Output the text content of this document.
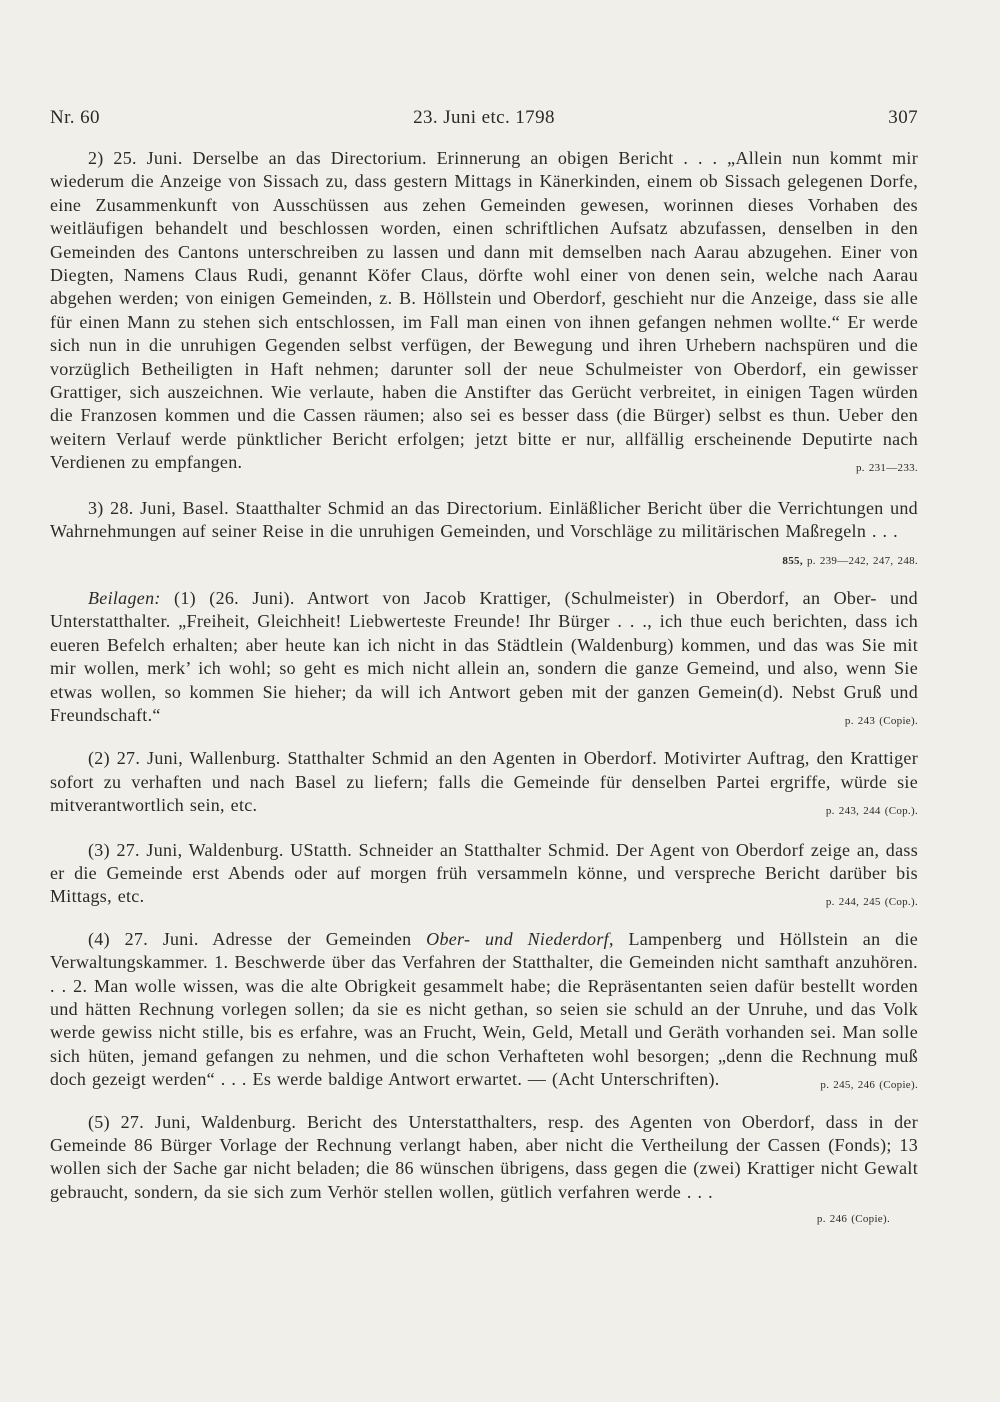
Nr. 60	23. Juni etc. 1798	307

2) 25. Juni. Derselbe an das Directorium. Erinnerung an obigen Bericht . . . „Allein nun kommt mir wiederum die Anzeige von Sissach zu, dass gestern Mittags in Känerkinden, einem ob Sissach gelegenen Dorfe, eine Zusammenkunft von Ausschüssen aus zehen Gemeinden gewesen, worinnen dieses Vorhaben des weitläufigen behandelt und beschlossen worden, einen schriftlichen Aufsatz abzufassen, denselben in den Gemeinden des Cantons unterschreiben zu lassen und dann mit demselben nach Aarau abzugehen. Einer von Diegten, Namens Claus Rudi, genannt Köfer Claus, dörfte wohl einer von denen sein, welche nach Aarau abgehen werden; von einigen Gemeinden, z. B. Höllstein und Oberdorf, geschieht nur die Anzeige, dass sie alle für einen Mann zu stehen sich entschlossen, im Fall man einen von ihnen gefangen nehmen wollte.“ Er werde sich nun in die unruhigen Gegenden selbst verfügen, der Bewegung und ihren Urhebern nachspüren und die vorzüglich Betheiligten in Haft nehmen; darunter soll der neue Schulmeister von Oberdorf, ein gewisser Grattiger, sich auszeichnen. Wie verlaute, haben die Anstifter das Gerücht verbreitet, in einigen Tagen würden die Franzosen kommen und die Cassen räumen; also sei es besser dass (die Bürger) selbst es thun. Ueber den weitern Verlauf werde pünktlicher Bericht erfolgen; jetzt bitte er nur, allfällig erscheinende Deputirte nach Verdienen zu empfangen.	p. 231—233.

3) 28. Juni, Basel. Staatthalter Schmid an das Directorium. Einläßlicher Bericht über die Verrichtungen und Wahrnehmungen auf seiner Reise in die unruhigen Gemeinden, und Vorschläge zu militärischen Maßregeln . . .
855, p. 239—242, 247, 248.

Beilagen: (1) (26. Juni). Antwort von Jacob Krattiger, (Schulmeister) in Oberdorf, an Ober- und Unterstatthalter. „Freiheit, Gleichheit! Liebwerteste Freunde! Ihr Bürger . . ., ich thue euch berichten, dass ich eueren Befelch erhalten; aber heute kan ich nicht in das Städtlein (Waldenburg) kommen, und das was Sie mit mir wollen, merk’ ich wohl; so geht es mich nicht allein an, sondern die ganze Gemeind, und also, wenn Sie etwas wollen, so kommen Sie hieher; da will ich Antwort geben mit der ganzen Gemein(d). Nebst Gruß und Freundschaft.“	p. 243 (Copie).

(2) 27. Juni, Wallenburg. Statthalter Schmid an den Agenten in Oberdorf. Motivirter Auftrag, den Krattiger sofort zu verhaften und nach Basel zu liefern; falls die Gemeinde für denselben Partei ergriffe, würde sie mitverantwortlich sein, etc.	p. 243, 244 (Cop.).

(3) 27. Juni, Waldenburg. UStatth. Schneider an Statthalter Schmid. Der Agent von Oberdorf zeige an, dass er die Gemeinde erst Abends oder auf morgen früh versammeln könne, und verspreche Bericht darüber bis Mittags, etc.	p. 244, 245 (Cop.).

(4) 27. Juni. Adresse der Gemeinden Ober- und Niederdorf, Lampenberg und Höllstein an die Verwaltungskammer. 1. Beschwerde über das Verfahren der Statthalter, die Gemeinden nicht samthaft anzuhören. . . 2. Man wolle wissen, was die alte Obrigkeit gesammelt habe; die Repräsentanten seien dafür bestellt worden und hätten Rechnung vorlegen sollen; da sie es nicht gethan, so seien sie schuld an der Unruhe, und das Volk werde gewiss nicht stille, bis es erfahre, was an Frucht, Wein, Geld, Metall und Geräth vorhanden sei. Man solle sich hüten, jemand gefangen zu nehmen, und die schon Verhafteten wohl besorgen; „denn die Rechnung muß doch gezeigt werden“ . . . Es werde baldige Antwort erwartet. — (Acht Unterschriften).	p. 245, 246 (Copie).

(5) 27. Juni, Waldenburg. Bericht des Unterstatthalters, resp. des Agenten von Oberdorf, dass in der Gemeinde 86 Bürger Vorlage der Rechnung verlangt haben, aber nicht die Vertheilung der Cassen (Fonds); 13 wollen sich der Sache gar nicht beladen; die 86 wünschen übrigens, dass gegen die (zwei) Krattiger nicht Gewalt gebraucht, sondern, da sie sich zum Verhör stellen wollen, gütlich verfahren werde . . .

p. 246 (Copie).
